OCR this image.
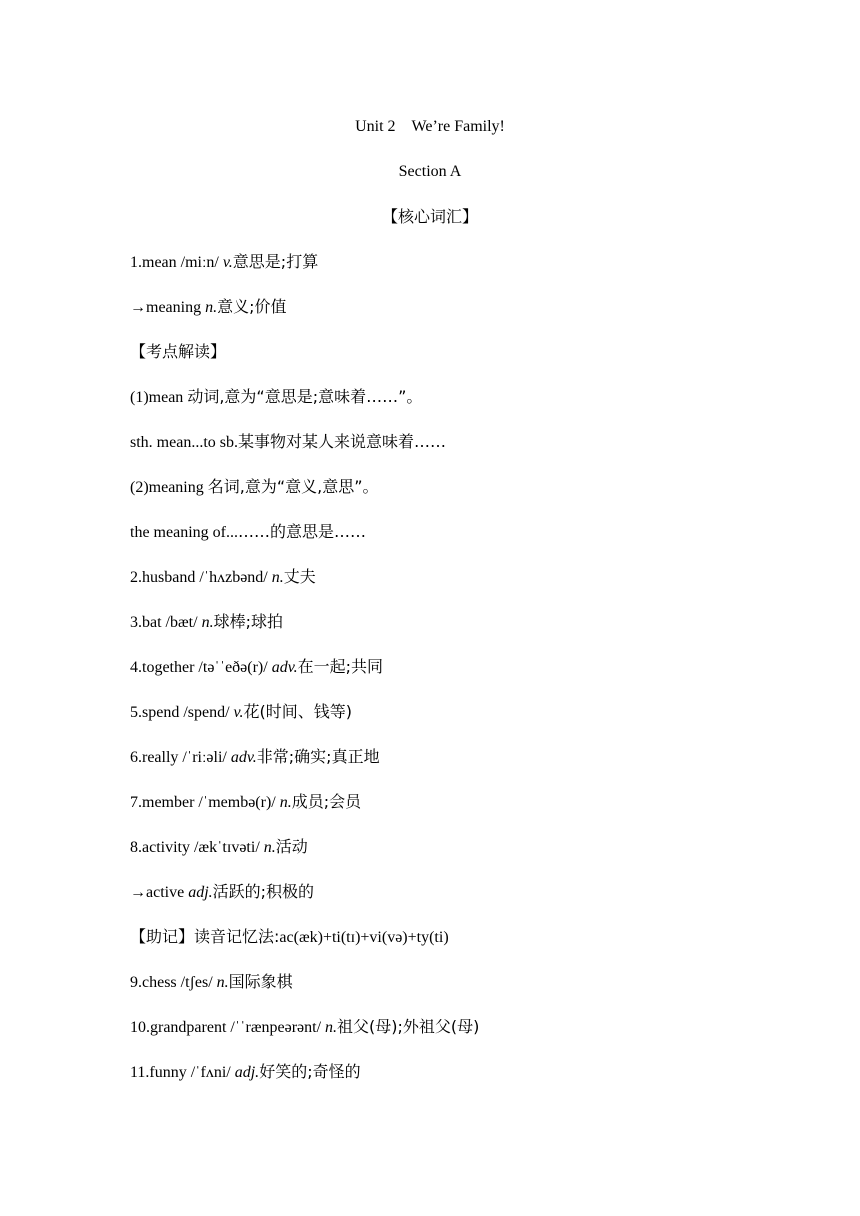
Unit 2　We’re Family!
Section A
【核心词汇】
1.mean /miːn/ v.意思是;打算
→meaning n.意义;价值
【考点解读】
(1)mean 动词,意为“意思是;意味着……”。
sth. mean...to sb.某事物对某人来说意味着……
(2)meaning 名词,意为“意义,意思”。
the meaning of...……的意思是……
2.husband /ˈhʌzbənd/ n.丈夫
3.bat /bæt/ n.球棒;球拍
4.together /təˈˈeðə(r)/ adv.在一起;共同
5.spend /spend/ v.花(时间、钱等)
6.really /ˈriːəli/ adv.非常;确实;真正地
7.member /ˈmembə(r)/ n.成员;会员
8.activity /ækˈtɪvəti/ n.活动
→active adj.活跃的;积极的
【助记】读音记忆法:ac(æk)+ti(tɪ)+vi(və)+ty(ti)
9.chess /tʃes/ n.国际象棋
10.grandparent /ˈˈrænpeərənt/ n.祖父(母);外祖父(母)
11.funny /ˈfʌni/ adj.好笑的;奇怪的
